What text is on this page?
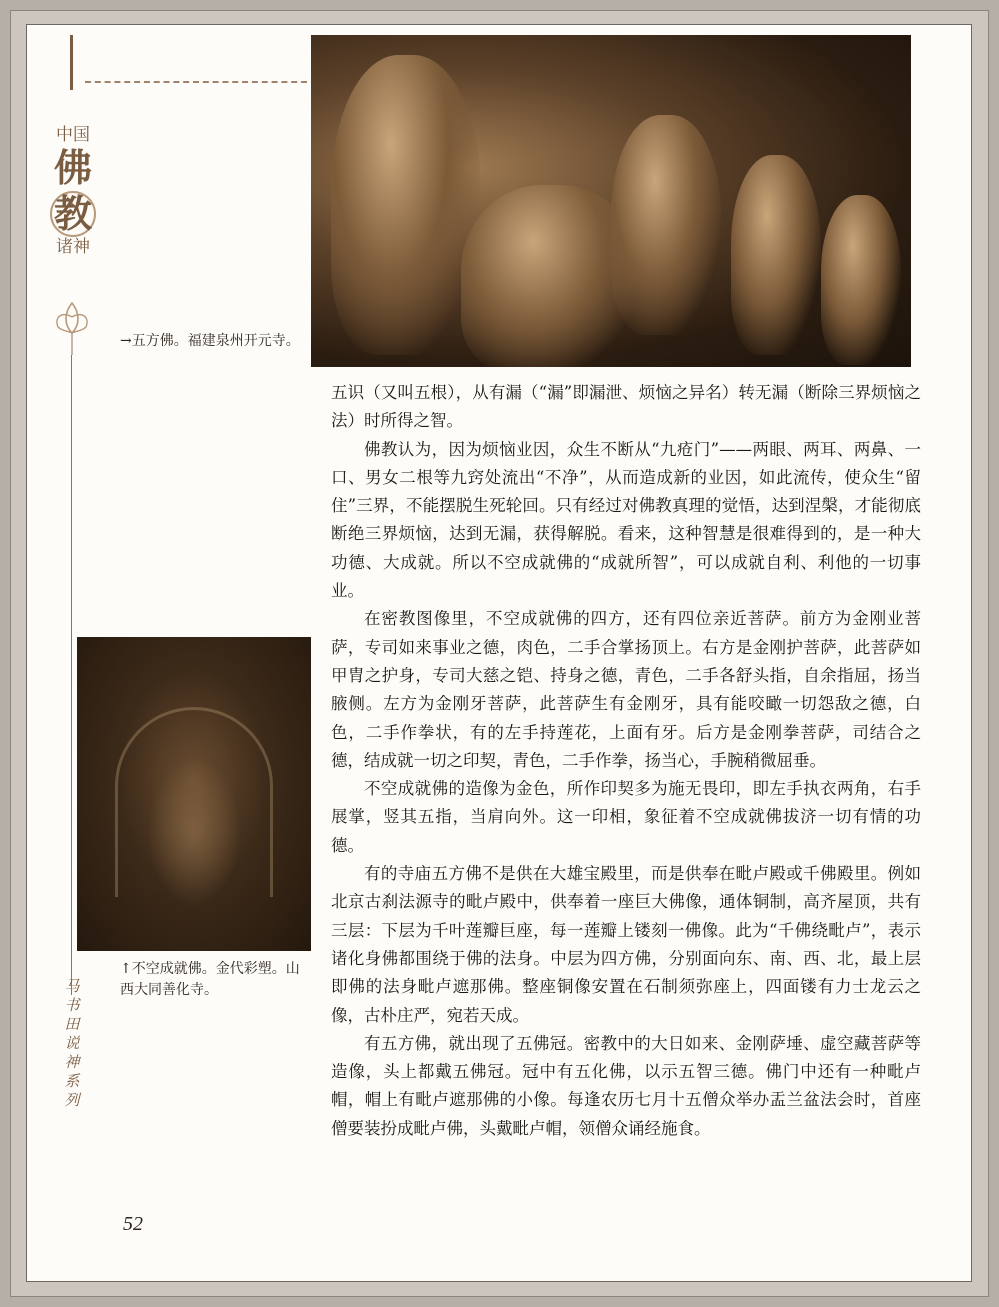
中国
佛
教
诸神
→五方佛。福建泉州开元寺。
↑不空成就佛。金代彩塑。山西大同善化寺。
马书田说神系列

五识（又叫五根），从有漏（“漏”即漏泄、烦恼之异名）转无漏（断除三界烦恼之法）时所得之智。

佛教认为，因为烦恼业因，众生不断从“九疮门”——两眼、两耳、两鼻、一口、男女二根等九窍处流出“不净”，从而造成新的业因，如此流传，使众生“留住”三界，不能摆脱生死轮回。只有经过对佛教真理的觉悟，达到涅槃，才能彻底断绝三界烦恼，达到无漏，获得解脱。看来，这种智慧是很难得到的，是一种大功德、大成就。所以不空成就佛的“成就所智”，可以成就自利、利他的一切事业。

在密教图像里，不空成就佛的四方，还有四位亲近菩萨。前方为金刚业菩萨，专司如来事业之德，肉色，二手合掌扬顶上。右方是金刚护菩萨，此菩萨如甲胄之护身，专司大慈之铠、持身之德，青色，二手各舒头指，自余指屈，扬当腋侧。左方为金刚牙菩萨，此菩萨生有金刚牙，具有能咬瞰一切怨敌之德，白色，二手作拳状，有的左手持莲花，上面有牙。后方是金刚拳菩萨，司结合之德，结成就一切之印契，青色，二手作拳，扬当心，手腕稍微屈垂。

不空成就佛的造像为金色，所作印契多为施无畏印，即左手执衣两角，右手展掌，竖其五指，当肩向外。这一印相，象征着不空成就佛拔济一切有情的功德。

有的寺庙五方佛不是供在大雄宝殿里，而是供奉在毗卢殿或千佛殿里。例如北京古刹法源寺的毗卢殿中，供奉着一座巨大佛像，通体铜制，高齐屋顶，共有三层：下层为千叶莲瓣巨座，每一莲瓣上镂刻一佛像。此为“千佛绕毗卢”，表示诸化身佛都围绕于佛的法身。中层为四方佛，分别面向东、南、西、北，最上层即佛的法身毗卢遮那佛。整座铜像安置在石制须弥座上，四面镂有力士龙云之像，古朴庄严，宛若天成。

有五方佛，就出现了五佛冠。密教中的大日如来、金刚萨埵、虚空藏菩萨等造像，头上都戴五佛冠。冠中有五化佛，以示五智三德。佛门中还有一种毗卢帽，帽上有毗卢遮那佛的小像。每逢农历七月十五僧众举办盂兰盆法会时，首座僧要装扮成毗卢佛，头戴毗卢帽，领僧众诵经施食。

52
